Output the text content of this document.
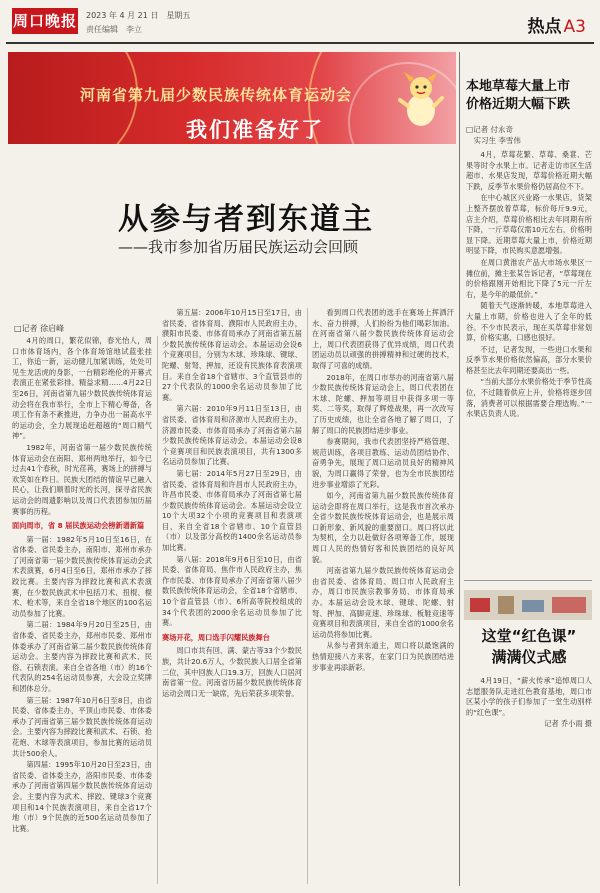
周口晚报 2023 年 4 月 21 日　星期五
责任编辑　李立	热点 A3
河南省第九届少数民族传统体育运动会
我们准备好了
从参与者到东道主
——我市参加省历届民族运动会回顾
□记者 徐启峰

4月的周口，繁花似锦，春光怡人，周口市体育场内，各个体育场馆地试蓝张挂工，你追一新，运动健儿加紧训练，处处可见生龙活虎的身影，一台精彩绝伦的开幕式表演正在紧张彩排。精益求精……4月22日至26日，河南省第九届少数民族传统体育运动会将在我市举行，全市上下精心筹备，各项工作有条不紊推进，力争办出一届高水平的运动会，全力展现追赶超越的“周口精气神”。

1982年，河南省第一届少数民族传统体育运动会在南阳、郑州两地举行，如今已过去41个春秋，时光荏苒，赛场上的拼搏与欢笑如在昨日。民族大团结的情谊早已融入民心，让我们顺着时光的长河，探寻省民族运动会的周遗影响以及周口代表团参加历届赛事的历程。

面向周市，省 8 届民族运动会榜新谱新篇

第一届：1982年5月10日至16日，在省体委、省民委主办，南阳市、郑州市承办了河南省第一届少数民族传统体育运动会武术表演赛，6月4日至6日，郑州市承办了摔跤比赛。主要内容为摔跤比赛和武术表演赛，在少数民族武术中包括刀术、扭棍、棍术、枪术等，来自全省18个地区的100名运动员参加了比赛。

第二届：1984年9月20日至25日，由省体委、省民委主办，郑州市民委、郑州市体委承办了河南省第二届少数民族传统体育运动会。主要内容为摔跤比赛和武术、民俗、石锁表演。来自全省各地（市）的16个代表队的254名运动员参赛，大会设立奖牌和团体总分。

第三届：1987年10月6日至8日，由省民委、省体委主办，平顶山市民委、市体委承办了河南省第三届少数民族传统体育运动会。主要内容为摔跤比赛和武术、石锁、抢花炮、木球等表演项目，参加比赛的运动员共计500余人。

第四届：1995年10月20日至23日，由省民委、省体委主办，洛阳市民委、市体委承办了河南省第四届少数民族传统体育运动会。主要内容为武术、摔跤、键球3个竞赛项目和14个民族表演项目，来自全省17个地（市）9个民族的近500名运动员参加了比赛。

第五届：2006年10月15日至17日，由省民委、省体育局、濮阳市人民政府主办，濮阳市民委、市体育局承办了河南省第五届少数民族传统体育运动会。本届运动会设6个竞赛项目，分别为木球、珍珠球、键球、陀螺、射弩、押加，还设有民族体育表演项目。来自全省18个省辖市、3个直管县市的27个代表队的1000余名运动员参加了比赛。

第六届：2010年9月11日至13日，由省民委、省体育局和济源市人民政府主办，济源市民委、市体育局承办了河南省第六届少数民族传统体育运动会。本届运动会设8个竞赛项目和民族表演项目，共有1300多名运动员参加了比赛。

第七届：2014年5月27日至29日，由省民委、省体育局和许昌市人民政府主办，许昌市民委、市体育局承办了河南省第七届少数民族传统体育运动会。本届运动会设立10个大项32个小项的竞赛项目和表演项目，来自全省18个省辖市、10个直管县（市）以及部分高校的1400余名运动员参加比赛。

第八届：2018年9月6日至10日，由省民委、省体育局、焦作市人民政府主办，焦作市民委、市体育局承办了河南省第八届少数民族传统体育运动会，全省18个省辖市、10个省直管县（市）、6所高等院校组成的34个代表团的2000余名运动员参加了比赛。

赛场开花，周口选手闪耀民族舞台

周口市共有回、满、蒙古等33个少数民族，共计20.6万人，少数民族人口居全省第二位，其中回族人口19.3万，回族人口居河南省第一位。河南省历届少数民族传统体育运动会周口无一缺席，先后荣获多项荣誉。

看到周口代表团的选手在赛场上挥洒汗水、奋力拼搏，人们纷纷为他们喝彩加油。在河南省第八届少数民族传统体育运动会上，周口代表团获得了优异成绩，周口代表团运动员以顽强的拼搏精神和过硬的技术，取得了可喜的成绩。

2018年，在周口市举办的河南省第八届少数民族传统体育运动会上，周口代表团在木球、陀螺、押加等项目中获得多项一等奖、二等奖，取得了辉煌战果，再一次改写了历史成绩，也让全省各地了解了周口，了解了周口的民族团结进步事业。

参赛期间，我市代表团坚持严格管理、规范训练，各项目教练、运动员团结协作、奋勇争先，展现了周口运动员良好的精神风貌，为周口赢得了荣誉，也为全市民族团结进步事业增添了光彩。

如今，河南省第九届少数民族传统体育运动会即将在周口举行，这是我市首次承办全省少数民族传统体育运动会，也是展示周口新形象、新风貌的重要窗口。周口将以此为契机，全力以赴做好各项筹备工作，展现周口人民的热情好客和民族团结的良好风貌。

河南省第九届少数民族传统体育运动会由省民委、省体育局、周口市人民政府主办，周口市民族宗教事务局、市体育局承办。本届运动会设木球、键球、陀螺、射弩、押加、高脚竞速、珍珠球、板鞋竞速等竞赛项目和表演项目，来自全省的1000余名运动员将参加比赛。

从参与者到东道主，周口将以最饱满的热情迎接八方来客，在家门口为民族团结进步事业再添新彩。

本地草莓大量上市
价格近期大幅下跌
□记者 付永奇
　实习生 李雪伟

4月，草莓花繁、草莓、桑葚、芒果等时令水果上市。记者走访市区生活超市、水果店发现，草莓价格近期大幅下跌，反季节水果价格仍居高位不下。

在中心城区兴业路一水果店，货架上整齐摆放着草莓，标价每斤9.9元，店主介绍，草莓价格相比去年同期有所下降，一斤草莓仅需10元左右，价格明显下降。近期草莓大量上市，价格近期明显下降，市民购买意愿增强。

在周口黄淮农产品大市场水果区一摊位前，摊主张某告诉记者，“草莓现在的价格跟刚开始相比下降了5元一斤左右，是今年的最低价。”

随着天气逐渐转暖，本地草莓进入大量上市期，价格也进入了全年的低谷。不少市民表示，现在买草莓非常划算，价格实惠，口感也很好。

不过，记者发现，一些进口水果和反季节水果价格依然偏高，部分水果价格甚至比去年同期还要高出一些。

“当前大部分水果价格处于季节性高位，不过随着供应上升，价格将逐步回落，消费者可以根据需要合理选购。”一水果店负责人说。

这堂“红色课”
满满仪式感

4月19日，“薪火传承”追悼周口人志愿服务队走进红色教育基地，周口市区某小学的孩子们参加了一堂生动别样的“红色课”。

记者 乔小雨 摄
